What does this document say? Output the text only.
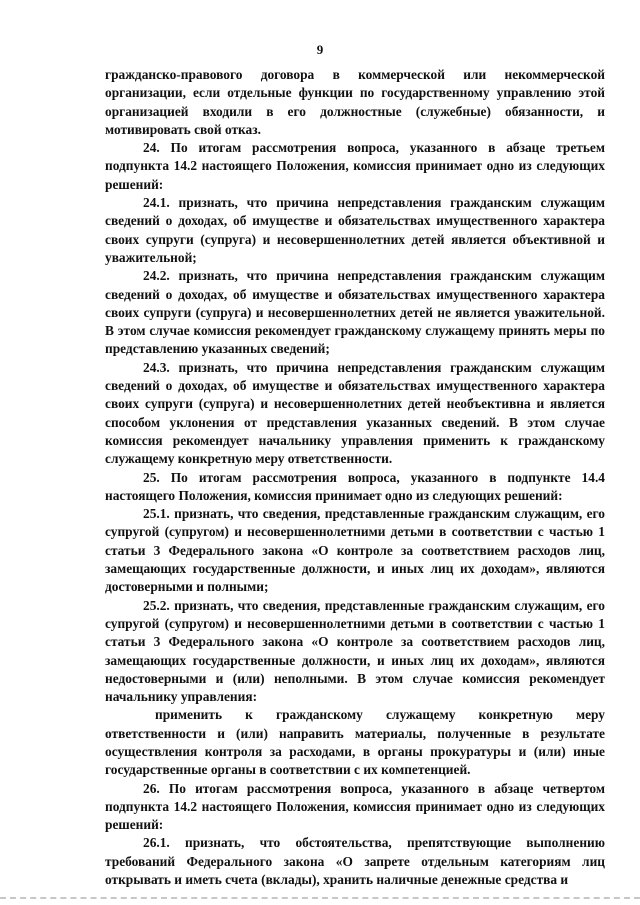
9

гражданско-правового договора в коммерческой или некоммерческой организации, если отдельные функции по государственному управлению этой организацией входили в его должностные (служебные) обязанности, и мотивировать свой отказ.

24. По итогам рассмотрения вопроса, указанного в абзаце третьем подпункта 14.2 настоящего Положения, комиссия принимает одно из следующих решений:

24.1. признать, что причина непредставления гражданским служащим сведений о доходах, об имуществе и обязательствах имущественного характера своих супруги (супруга) и несовершеннолетних детей является объективной и уважительной;

24.2. признать, что причина непредставления гражданским служащим сведений о доходах, об имуществе и обязательствах имущественного характера своих супруги (супруга) и несовершеннолетних детей не является уважительной. В этом случае комиссия рекомендует гражданскому служащему принять меры по представлению указанных сведений;

24.3. признать, что причина непредставления гражданским служащим сведений о доходах, об имуществе и обязательствах имущественного характера своих супруги (супруга) и несовершеннолетних детей необъективна и является способом уклонения от представления указанных сведений. В этом случае комиссия рекомендует начальнику управления применить к гражданскому служащему конкретную меру ответственности.

25. По итогам рассмотрения вопроса, указанного в подпункте 14.4 настоящего Положения, комиссия принимает одно из следующих решений:

25.1. признать, что сведения, представленные гражданским служащим, его супругой (супругом) и несовершеннолетними детьми в соответствии с частью 1 статьи 3 Федерального закона «О контроле за соответствием расходов лиц, замещающих государственные должности, и иных лиц их доходам», являются достоверными и полными;

25.2. признать, что сведения, представленные гражданским служащим, его супругой (супругом) и несовершеннолетними детьми в соответствии с частью 1 статьи 3 Федерального закона «О контроле за соответствием расходов лиц, замещающих государственные должности, и иных лиц их доходам», являются недостоверными и (или) неполными. В этом случае комиссия рекомендует начальнику управления:

применить к гражданскому служащему конкретную меру ответственности и (или) направить материалы, полученные в результате осуществления контроля за расходами, в органы прокуратуры и (или) иные государственные органы в соответствии с их компетенцией.

26. По итогам рассмотрения вопроса, указанного в абзаце четвертом подпункта 14.2 настоящего Положения, комиссия принимает одно из следующих решений:

26.1. признать, что обстоятельства, препятствующие выполнению требований Федерального закона «О запрете отдельным категориям лиц открывать и иметь счета (вклады), хранить наличные денежные средства и
